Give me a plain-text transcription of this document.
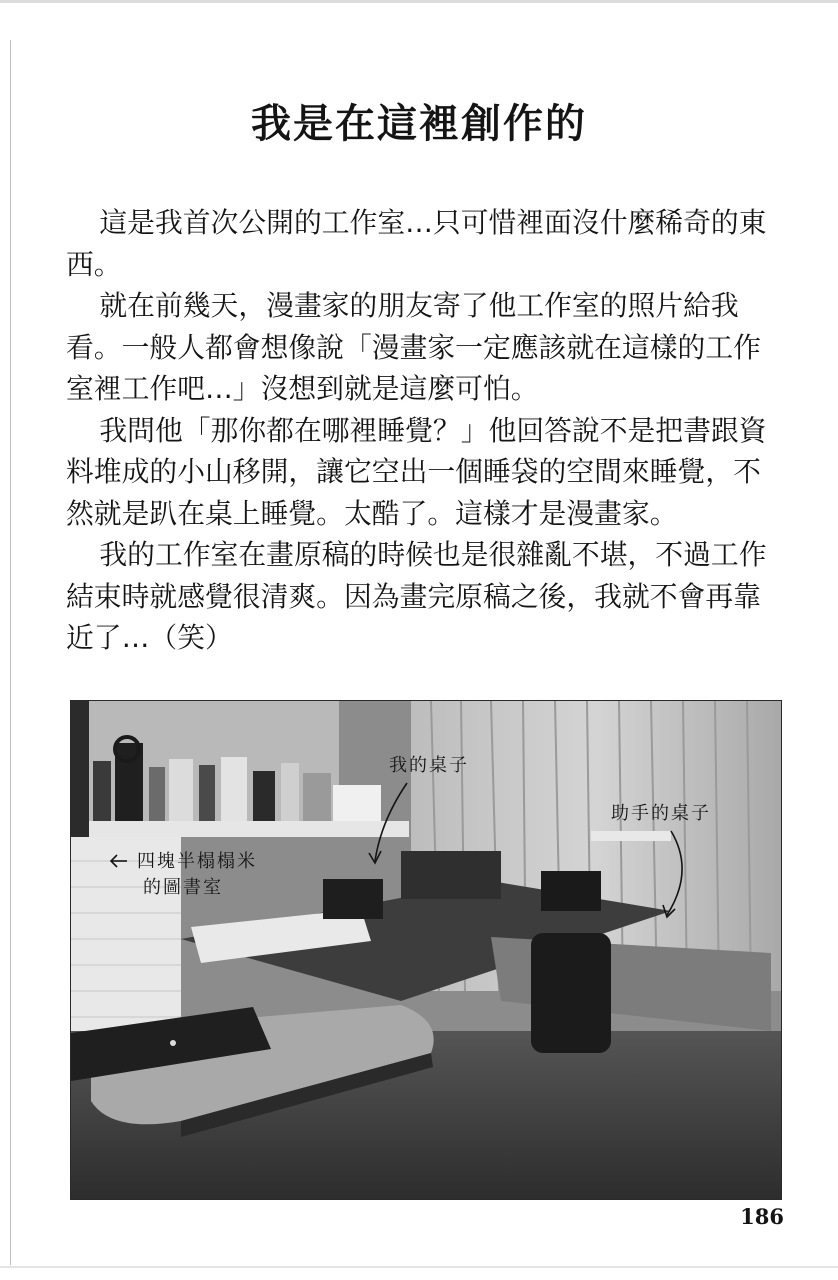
我是在這裡創作的

這是我首次公開的工作室…只可惜裡面沒什麼稀奇的東西。

就在前幾天，漫畫家的朋友寄了他工作室的照片給我看。一般人都會想像說「漫畫家一定應該就在這樣的工作室裡工作吧…」沒想到就是這麼可怕。

我問他「那你都在哪裡睡覺？」他回答說不是把書跟資料堆成的小山移開，讓它空出一個睡袋的空間來睡覺，不然就是趴在桌上睡覺。太酷了。這樣才是漫畫家。

我的工作室在畫原稿的時候也是很雜亂不堪，不過工作結束時就感覺很清爽。因為畫完原稿之後，我就不會再靠近了…（笑）

我的桌子
助手的桌子
四塊半榻榻米
的圖書室
186
